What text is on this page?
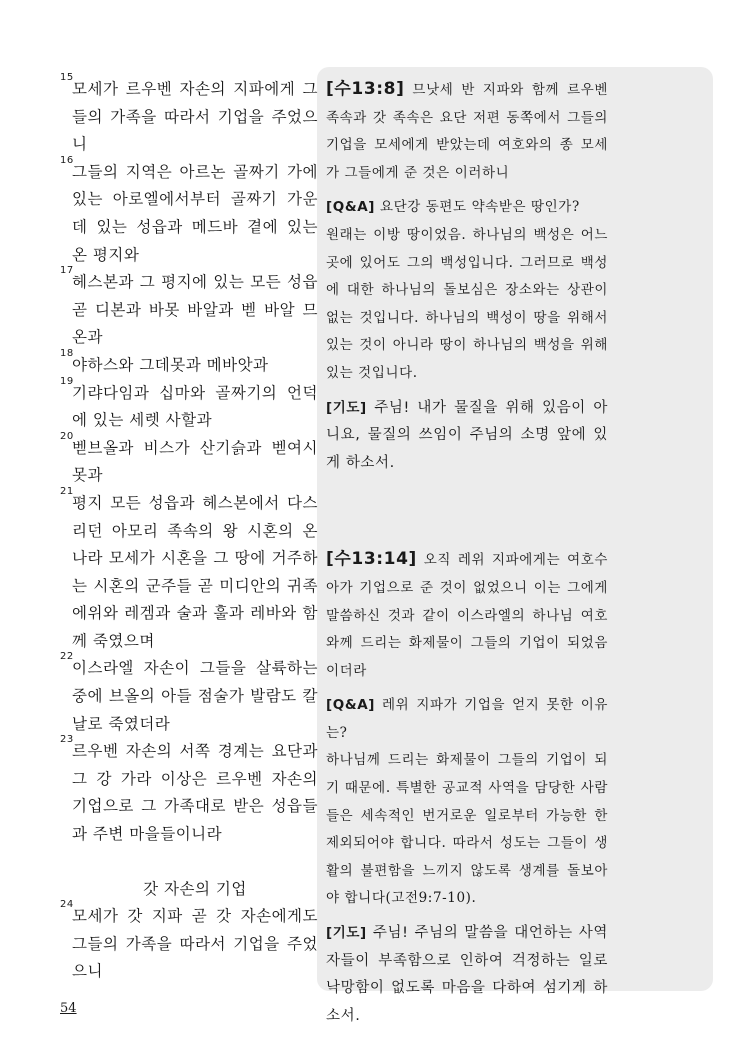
15
모세가 르우벤 자손의 지파에게 그들의 가족을 따라서 기업을 주었으니
16
그들의 지역은 아르논 골짜기 가에 있는 아로엘에서부터 골짜기 가운데 있는 성읍과 메드바 곁에 있는 온 평지와
17
헤스본과 그 평지에 있는 모든 성읍 곧 디본과 바못 바알과 벧 바알 므온과
18
야하스와 그데못과 메바앗과
19
기랴다임과 십마와 골짜기의 언덕에 있는 세렛 사할과
20
벧브올과 비스가 산기슭과 벧여시못과
21
평지 모든 성읍과 헤스본에서 다스리던 아모리 족속의 왕 시혼의 온 나라 모세가 시혼을 그 땅에 거주하는 시혼의 군주들 곧 미디안의 귀족 에위와 레겜과 술과 훌과 레바와 함께 죽였으며
22
이스라엘 자손이 그들을 살륙하는 중에 브올의 아들 점술가 발람도 칼날로 죽였더라
23
르우벤 자손의 서쪽 경계는 요단과 그 강 가라 이상은 르우벤 자손의 기업으로 그 가족대로 받은 성읍들과 주변 마을들이니라
갓 자손의 기업
24
모세가 갓 지파 곧 갓 자손에게도 그들의 가족을 따라서 기업을 주었으니
[수13:8] 므낫세 반 지파와 함께 르우벤 족속과 갓 족속은 요단 저편 동쪽에서 그들의 기업을 모세에게 받았는데 여호와의 종 모세가 그들에게 준 것은 이러하니
[Q&A] 요단강 동편도 약속받은 땅인가?
원래는 이방 땅이었음. 하나님의 백성은 어느 곳에 있어도 그의 백성입니다. 그러므로 백성에 대한 하나님의 돌보심은 장소와는 상관이 없는 것입니다. 하나님의 백성이 땅을 위해서 있는 것이 아니라 땅이 하나님의 백성을 위해 있는 것입니다.
[기도] 주님! 내가 물질을 위해 있음이 아니요, 물질의 쓰임이 주님의 소명 앞에 있게 하소서.
[수13:14] 오직 레위 지파에게는 여호수아가 기업으로 준 것이 없었으니 이는 그에게 말씀하신 것과 같이 이스라엘의 하나님 여호와께 드리는 화제물이 그들의 기업이 되었음이더라
[Q&A] 레위 지파가 기업을 얻지 못한 이유는?
하나님께 드리는 화제물이 그들의 기업이 되기 때문에. 특별한 공교적 사역을 담당한 사람들은 세속적인 번거로운 일로부터 가능한 한 제외되어야 합니다. 따라서 성도는 그들이 생활의 불편함을 느끼지 않도록 생계를 돌보아야 합니다(고전9:7-10).
[기도] 주님! 주님의 말씀을 대언하는 사역자들이 부족함으로 인하여 걱정하는 일로 낙망함이 없도록 마음을 다하여 섬기게 하소서.
54
